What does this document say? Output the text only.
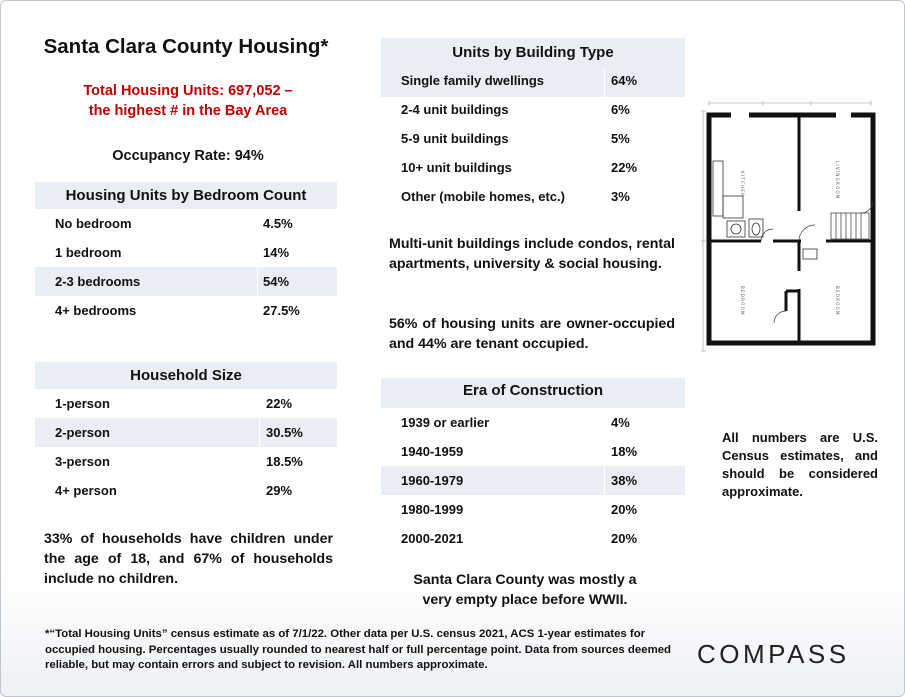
Santa Clara County Housing*
Total Housing Units: 697,052 –
the highest # in the Bay Area
Occupancy Rate: 94%
Housing Units by Bedroom Count
No bedroom	4.5%
1 bedroom	14%
2-3 bedrooms	54%
4+ bedrooms	27.5%
Household Size
1-person	22%
2-person	30.5%
3-person	18.5%
4+ person	29%
33% of households have children under the age of 18, and 67% of households include no children.
Units by Building Type
Single family dwellings	64%
2-4 unit buildings	6%
5-9 unit buildings	5%
10+ unit buildings	22%
Other (mobile homes, etc.)	3%
Multi-unit buildings include condos, rental apartments, university & social housing.
56% of housing units are owner-occupied and 44% are tenant occupied.
Era of Construction
1939 or earlier	4%
1940-1959	18%
1960-1979	38%
1980-1999	20%
2000-2021	20%
Santa Clara County was mostly a
very empty place before WWII.
K I T C H E N	L I V I N G R O O M
B E D R O O M	B E D R O O M
All numbers are U.S. Census estimates, and should be considered approximate.
*“Total Housing Units” census estimate as of 7/1/22. Other data per U.S. census 2021, ACS 1-year estimates for occupied housing. Percentages usually rounded to nearest half or full percentage point. Data from sources deemed reliable, but may contain errors and subject to revision. All numbers approximate.	COMPASS
